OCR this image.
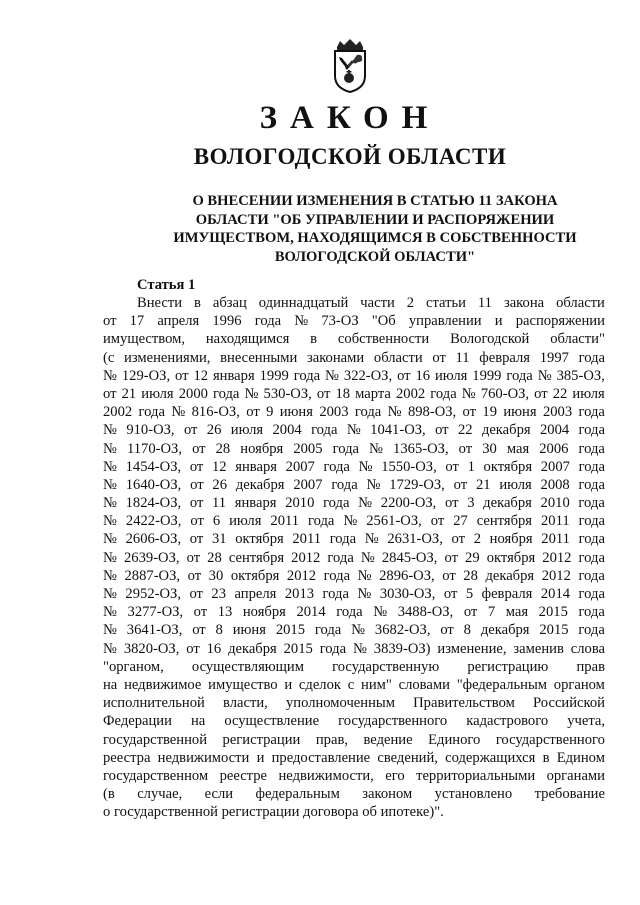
ЗАКОН
ВОЛОГОДСКОЙ ОБЛАСТИ
О ВНЕСЕНИИ ИЗМЕНЕНИЯ В СТАТЬЮ 11 ЗАКОНА
ОБЛАСТИ "ОБ УПРАВЛЕНИИ И РАСПОРЯЖЕНИИ
ИМУЩЕСТВОМ, НАХОДЯЩИМСЯ В СОБСТВЕННОСТИ
ВОЛОГОДСКОЙ ОБЛАСТИ"
Статья 1
Внести в абзац одиннадцатый части 2 статьи 11 закона области
от 17 апреля 1996 года № 73-ОЗ "Об управлении и распоряжении
имуществом, находящимся в собственности Вологодской области"
(с изменениями, внесенными законами области от 11 февраля 1997 года
№ 129-ОЗ, от 12 января 1999 года № 322-ОЗ, от 16 июля 1999 года № 385-ОЗ,
от 21 июля 2000 года № 530-ОЗ, от 18 марта 2002 года № 760-ОЗ, от 22 июля
2002 года № 816-ОЗ, от 9 июня 2003 года № 898-ОЗ, от 19 июня 2003 года
№ 910-ОЗ, от 26 июля 2004 года № 1041-ОЗ, от 22 декабря 2004 года
№ 1170-ОЗ, от 28 ноября 2005 года № 1365-ОЗ, от 30 мая 2006 года
№ 1454-ОЗ, от 12 января 2007 года № 1550-ОЗ, от 1 октября 2007 года
№ 1640-ОЗ, от 26 декабря 2007 года № 1729-ОЗ, от 21 июля 2008 года
№ 1824-ОЗ, от 11 января 2010 года № 2200-ОЗ, от 3 декабря 2010 года
№ 2422-ОЗ, от 6 июля 2011 года № 2561-ОЗ, от 27 сентября 2011 года
№ 2606-ОЗ, от 31 октября 2011 года № 2631-ОЗ, от 2 ноября 2011 года
№ 2639-ОЗ, от 28 сентября 2012 года № 2845-ОЗ, от 29 октября 2012 года
№ 2887-ОЗ, от 30 октября 2012 года № 2896-ОЗ, от 28 декабря 2012 года
№ 2952-ОЗ, от 23 апреля 2013 года № 3030-ОЗ, от 5 февраля 2014 года
№ 3277-ОЗ, от 13 ноября 2014 года № 3488-ОЗ, от 7 мая 2015 года
№ 3641-ОЗ, от 8 июня 2015 года № 3682-ОЗ, от 8 декабря 2015 года
№ 3820-ОЗ, от 16 декабря 2015 года № 3839-ОЗ) изменение, заменив слова
"органом, осуществляющим государственную регистрацию прав
на недвижимое имущество и сделок с ним" словами "федеральным органом
исполнительной власти, уполномоченным Правительством Российской
Федерации на осуществление государственного кадастрового учета,
государственной регистрации прав, ведение Единого государственного
реестра недвижимости и предоставление сведений, содержащихся в Едином
государственном реестре недвижимости, его территориальными органами
(в случае, если федеральным законом установлено требование
о государственной регистрации договора об ипотеке)".
